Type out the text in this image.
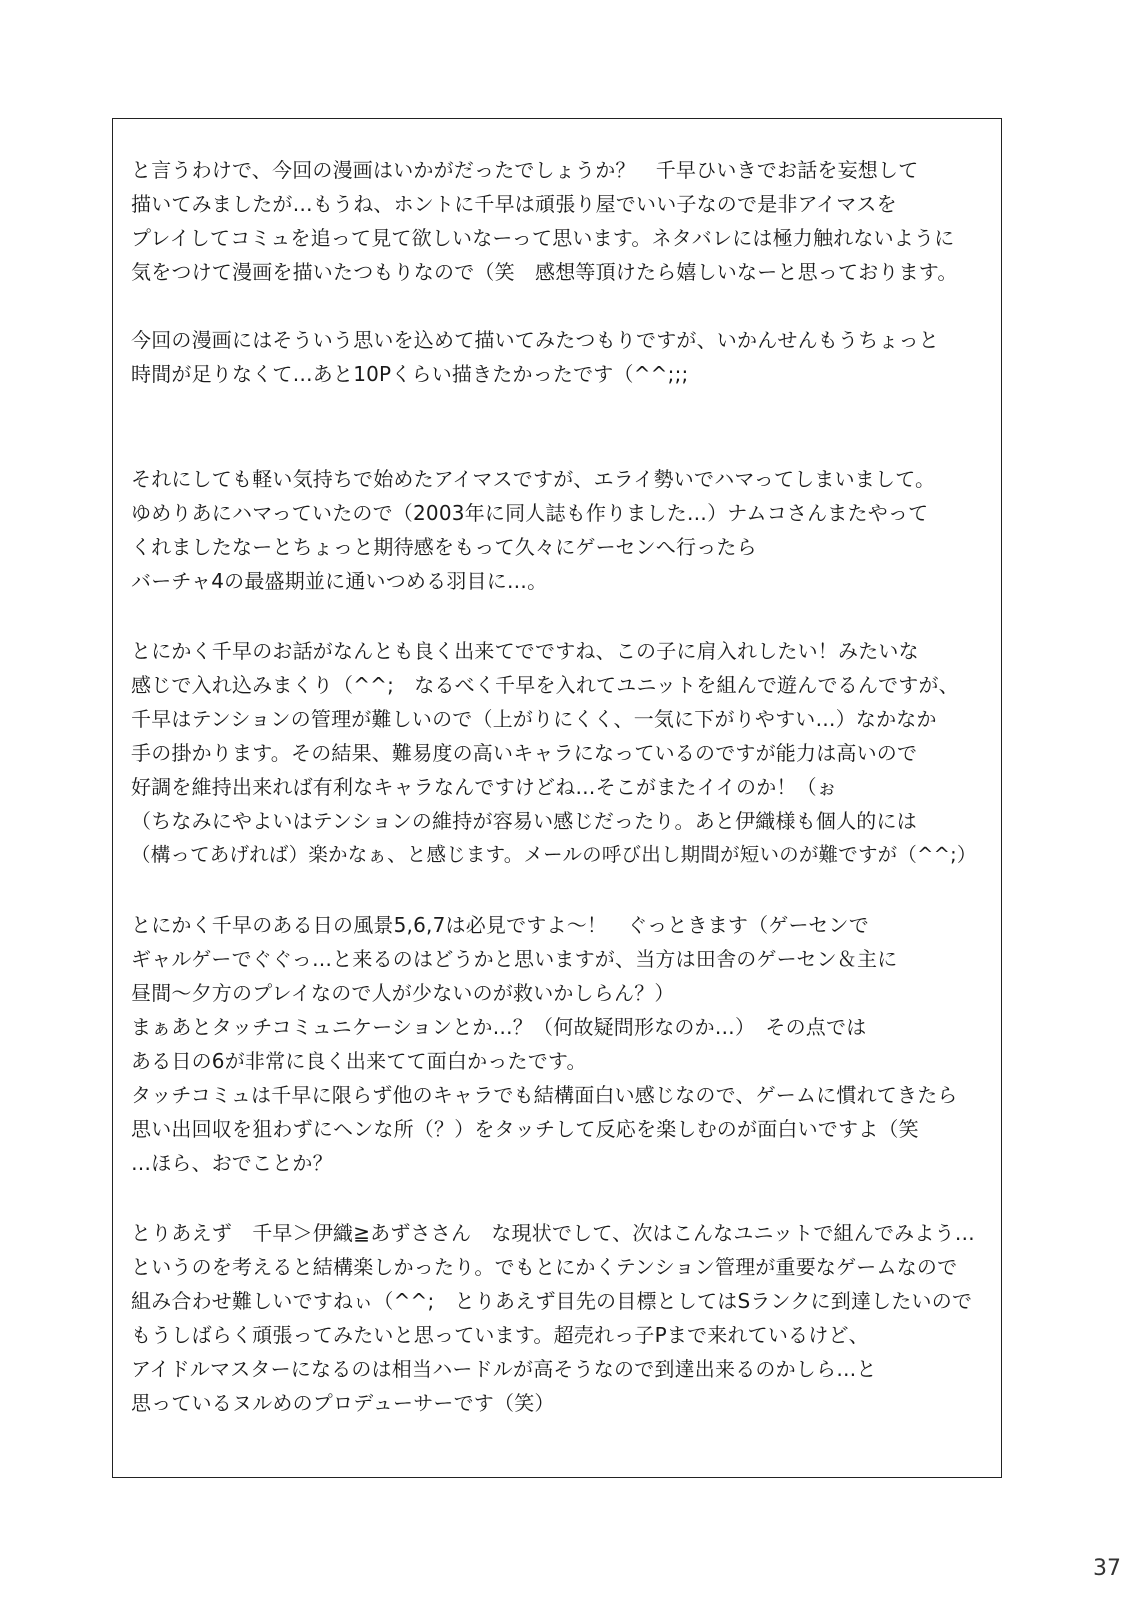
と言うわけで、今回の漫画はいかがだったでしょうか？　千早ひいきでお話を妄想して
描いてみましたが…もうね、ホントに千早は頑張り屋でいい子なので是非アイマスを
プレイしてコミュを追って見て欲しいなーって思います。ネタバレには極力触れないように
気をつけて漫画を描いたつもりなので（笑　感想等頂けたら嬉しいなーと思っております。
今回の漫画にはそういう思いを込めて描いてみたつもりですが、いかんせんもうちょっと
時間が足りなくて…あと10Pくらい描きたかったです（^^;;;
それにしても軽い気持ちで始めたアイマスですが、エライ勢いでハマってしまいまして。
ゆめりあにハマっていたので（2003年に同人誌も作りました…）ナムコさんまたやって
くれましたなーとちょっと期待感をもって久々にゲーセンへ行ったら
バーチャ4の最盛期並に通いつめる羽目に…。
とにかく千早のお話がなんとも良く出来てでですね、この子に肩入れしたい！みたいな
感じで入れ込みまくり（^^;　なるべく千早を入れてユニットを組んで遊んでるんですが、
千早はテンションの管理が難しいので（上がりにくく、一気に下がりやすい…）なかなか
手の掛かります。その結果、難易度の高いキャラになっているのですが能力は高いので
好調を維持出来れば有利なキャラなんですけどね…そこがまたイイのか！（ぉ
（ちなみにやよいはテンションの維持が容易い感じだったり。あと伊織様も個人的には
（構ってあげれば）楽かなぁ、と感じます。メールの呼び出し期間が短いのが難ですが（^^;）
とにかく千早のある日の風景5,6,7は必見ですよ～！　ぐっときます（ゲーセンで
ギャルゲーでぐぐっ…と来るのはどうかと思いますが、当方は田舎のゲーセン＆主に
昼間～夕方のプレイなので人が少ないのが救いかしらん？）
まぁあとタッチコミュニケーションとか…？（何故疑問形なのか…）　その点では
ある日の6が非常に良く出来てて面白かったです。
タッチコミュは千早に限らず他のキャラでも結構面白い感じなので、ゲームに慣れてきたら
思い出回収を狙わずにヘンな所（？）をタッチして反応を楽しむのが面白いですよ（笑
…ほら、おでことか？
とりあえず　千早＞伊織≧あずささん　な現状でして、次はこんなユニットで組んでみよう…
というのを考えると結構楽しかったり。でもとにかくテンション管理が重要なゲームなので
組み合わせ難しいですねぃ（^^;　とりあえず目先の目標としてはSランクに到達したいので
もうしばらく頑張ってみたいと思っています。超売れっ子Pまで来れているけど、
アイドルマスターになるのは相当ハードルが高そうなので到達出来るのかしら…と
思っているヌルめのプロデューサーです（笑）
37
